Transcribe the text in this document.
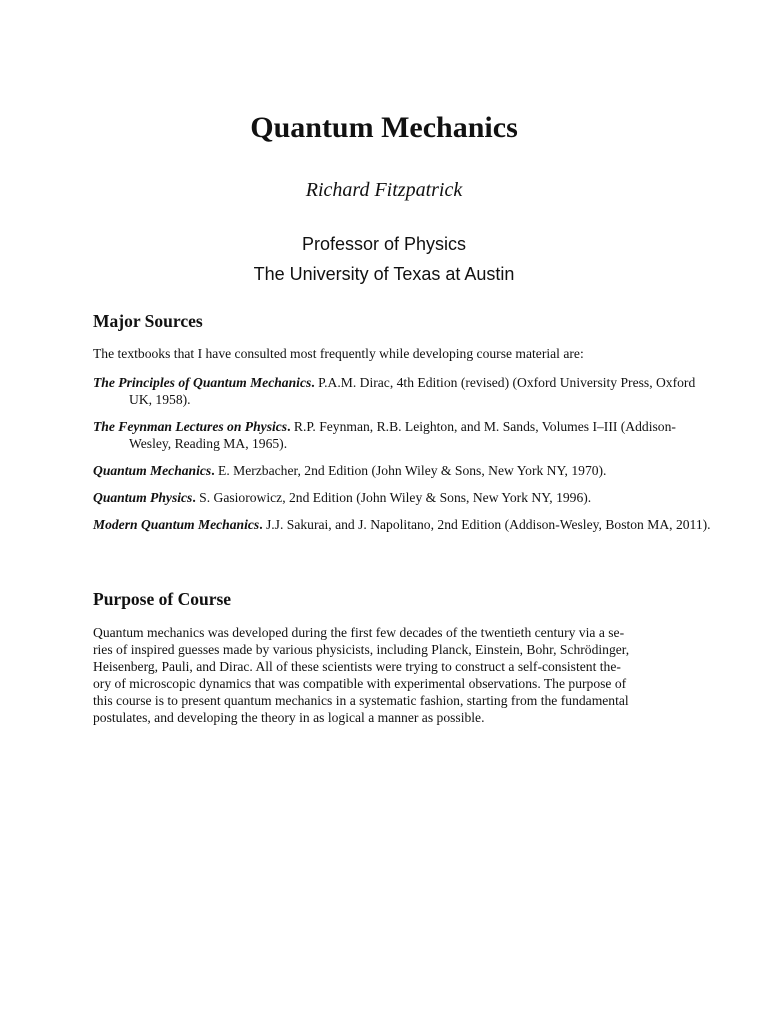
Quantum Mechanics
Richard Fitzpatrick
Professor of Physics
The University of Texas at Austin
Major Sources

The textbooks that I have consulted most frequently while developing course material are:

The Principles of Quantum Mechanics. P.A.M. Dirac, 4th Edition (revised) (Oxford University Press, Oxford UK, 1958).
The Feynman Lectures on Physics. R.P. Feynman, R.B. Leighton, and M. Sands, Volumes I–III (Addison-Wesley, Reading MA, 1965).
Quantum Mechanics. E. Merzbacher, 2nd Edition (John Wiley & Sons, New York NY, 1970).
Quantum Physics. S. Gasiorowicz, 2nd Edition (John Wiley & Sons, New York NY, 1996).
Modern Quantum Mechanics. J.J. Sakurai, and J. Napolitano, 2nd Edition (Addison-Wesley, Boston MA, 2011).
Purpose of Course

Quantum mechanics was developed during the first few decades of the twentieth century via a se-
ries of inspired guesses made by various physicists, including Planck, Einstein, Bohr, Schrödinger,
Heisenberg, Pauli, and Dirac. All of these scientists were trying to construct a self-consistent the-
ory of microscopic dynamics that was compatible with experimental observations. The purpose of
this course is to present quantum mechanics in a systematic fashion, starting from the fundamental
postulates, and developing the theory in as logical a manner as possible.
